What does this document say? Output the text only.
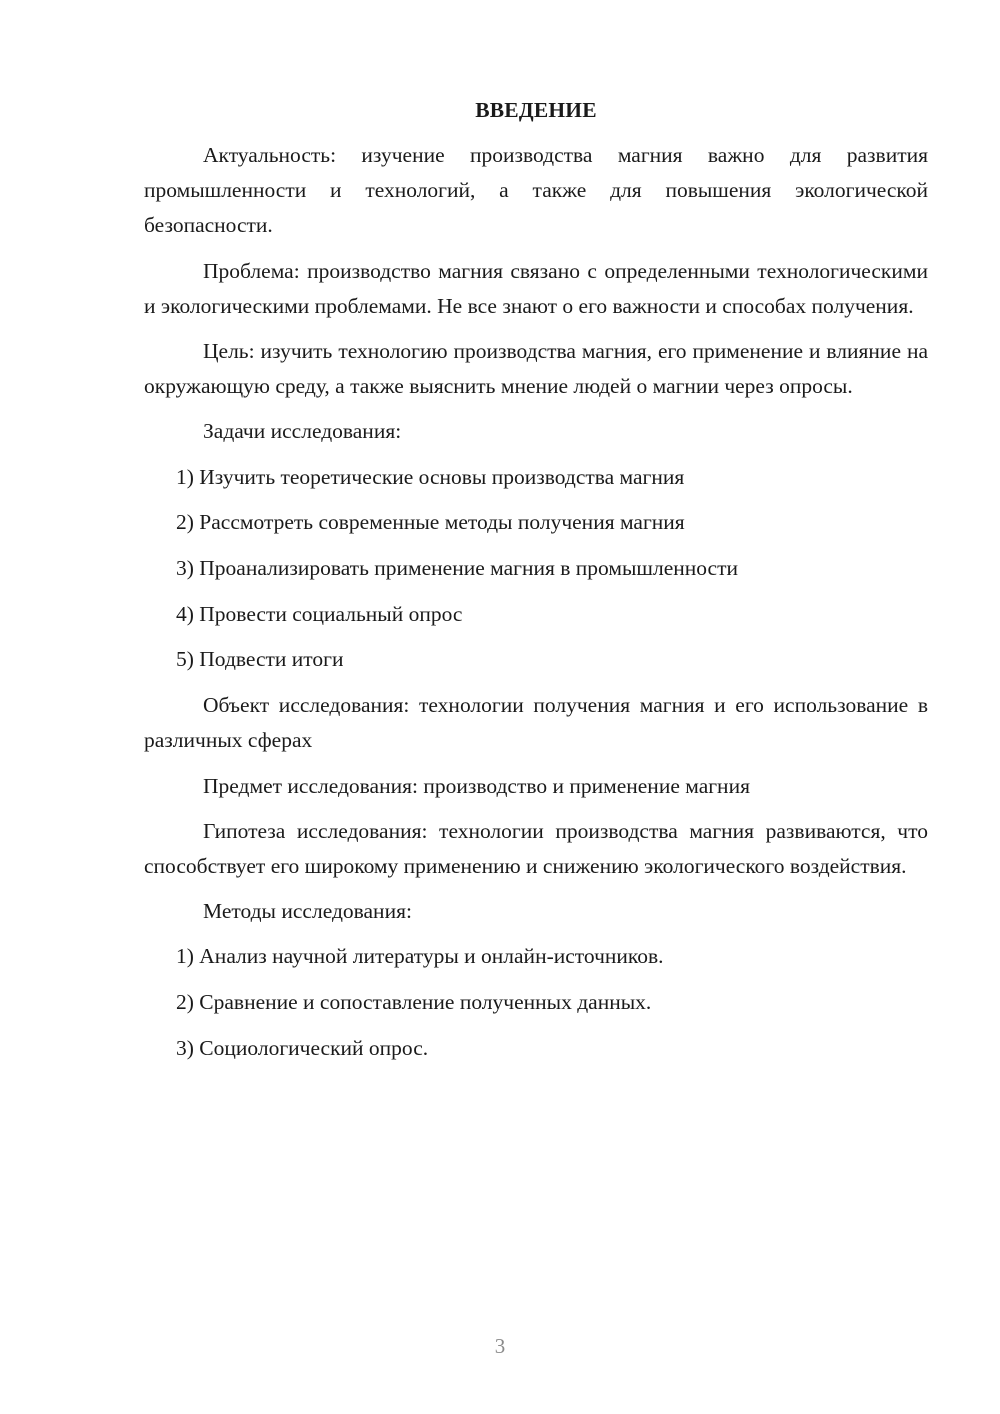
ВВЕДЕНИЕ
Актуальность: изучение производства магния важно для развития промышленности и технологий, а также для повышения экологической безопасности.
Проблема: производство магния связано с определенными технологическими и экологическими проблемами. Не все знают о его важности и способах получения.
Цель: изучить технологию производства магния, его применение и влияние на окружающую среду, а также выяснить мнение людей о магнии через опросы.
Задачи исследования:
1) Изучить теоретические основы производства магния
2) Рассмотреть современные методы получения магния
3) Проанализировать применение магния в промышленности
4) Провести социальный опрос
5) Подвести итоги
Объект исследования: технологии получения магния и его использование в различных сферах
Предмет исследования: производство и применение магния
Гипотеза исследования: технологии производства магния развиваются, что способствует его широкому применению и снижению экологического воздействия.
Методы исследования:
1) Анализ научной литературы и онлайн-источников.
2) Сравнение и сопоставление полученных данных.
3) Социологический опрос.
3
